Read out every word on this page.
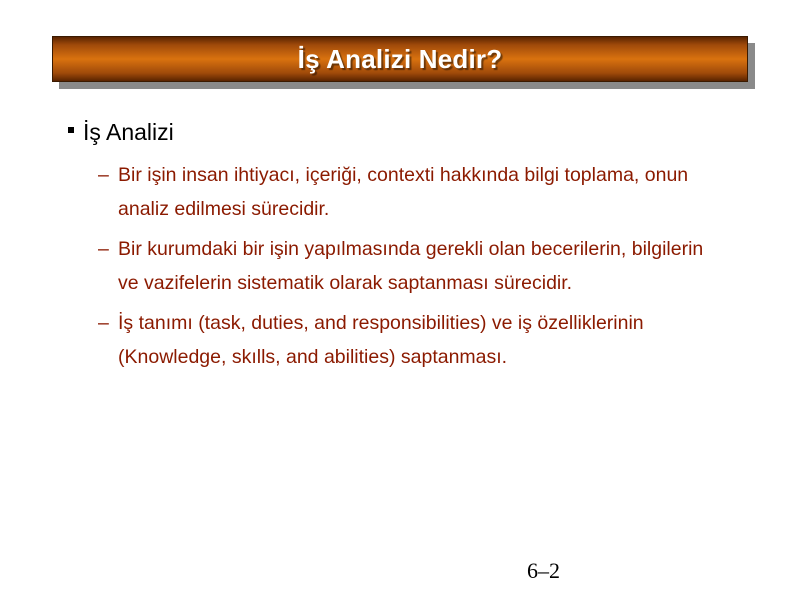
İş Analizi Nedir?
İş Analizi
– Bir işin insan ihtiyacı, içeriği, contexti hakkında bilgi toplama, onun analiz edilmesi sürecidir.
– Bir kurumdaki bir işin yapılmasında gerekli olan becerilerin, bilgilerin ve vazifelerin sistematik olarak saptanması sürecidir.
– İş tanımı (task, duties, and responsibilities) ve iş özelliklerinin (Knowledge, skılls, and abilities) saptanması.
6–2
